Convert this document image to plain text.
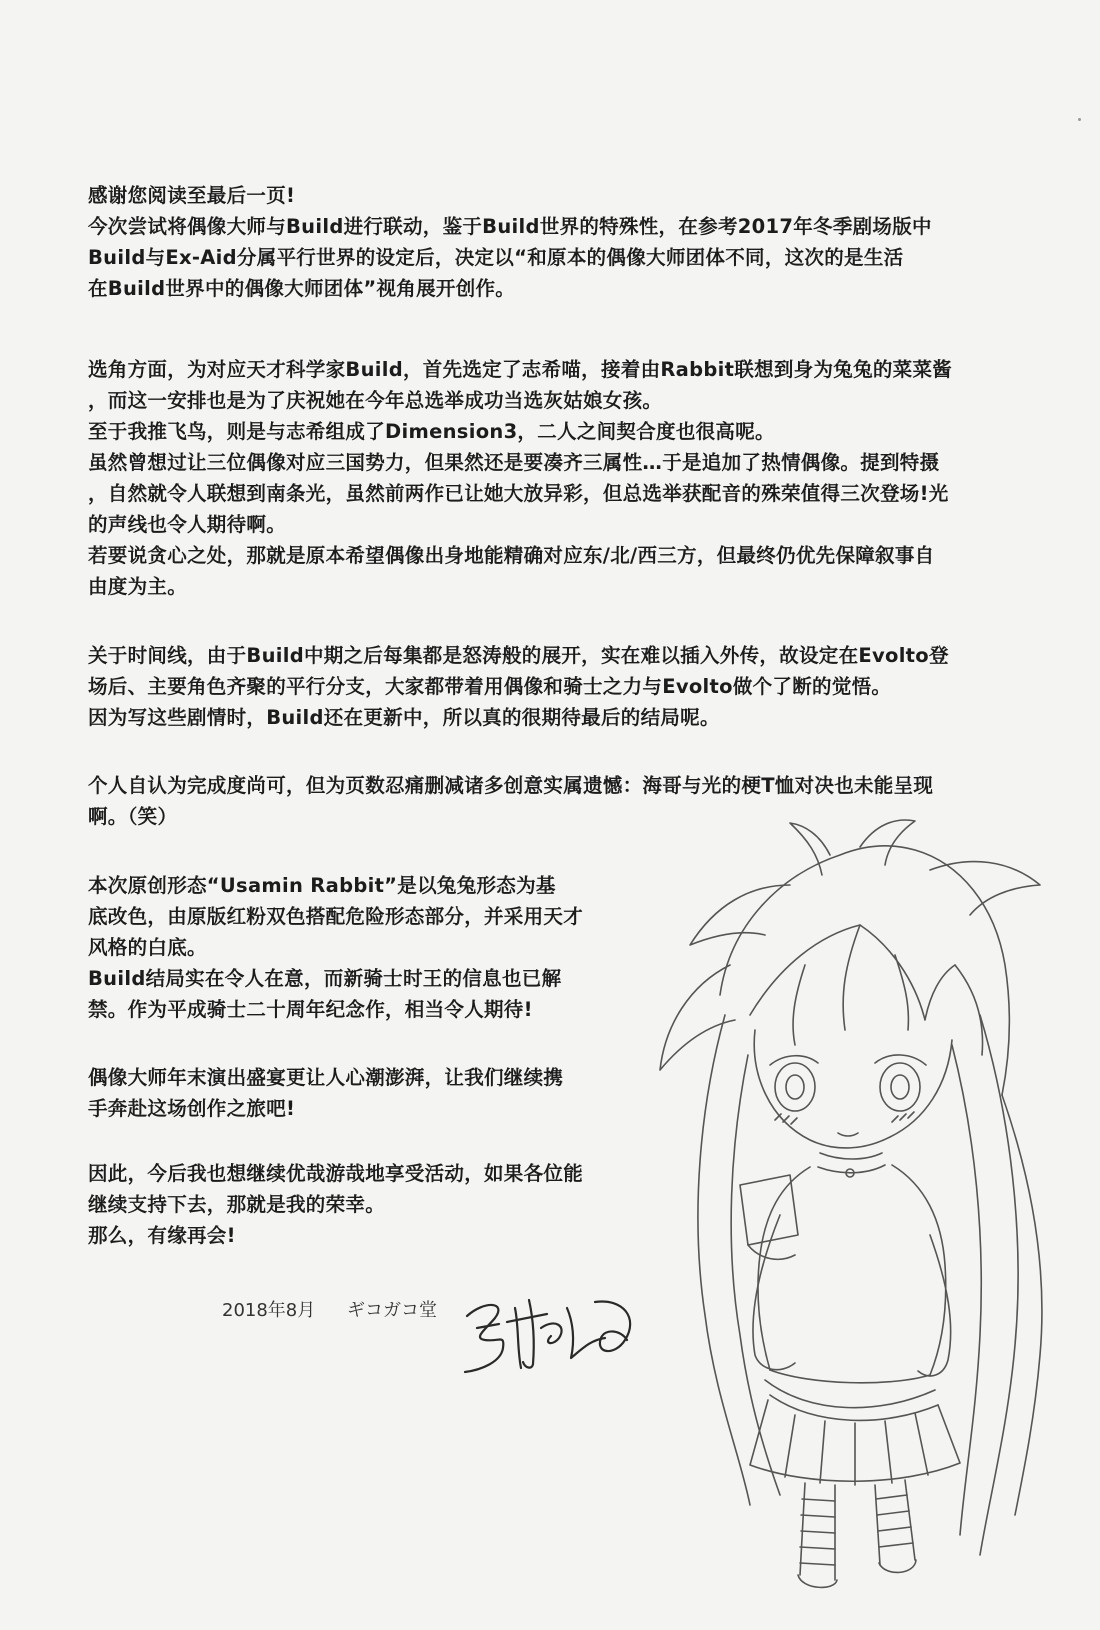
感谢您阅读至最后一页!
今次尝试将偶像大师与Build进行联动，鉴于Build世界的特殊性，在参考2017年冬季剧场版中
Build与Ex-Aid分属平行世界的设定后，决定以“和原本的偶像大师团体不同，这次的是生活
在Build世界中的偶像大师团体”视角展开创作。

选角方面，为对应天才科学家Build，首先选定了志希喵，接着由Rabbit联想到身为兔兔的菜菜酱
，而这一安排也是为了庆祝她在今年总选举成功当选灰姑娘女孩。
至于我推飞鸟，则是与志希组成了Dimension3，二人之间契合度也很高呢。
虽然曾想过让三位偶像对应三国势力，但果然还是要凑齐三属性…于是追加了热情偶像。提到特摄
，自然就令人联想到南条光，虽然前两作已让她大放异彩，但总选举获配音的殊荣值得三次登场!光
的声线也令人期待啊。
若要说贪心之处，那就是原本希望偶像出身地能精确对应东/北/西三方，但最终仍优先保障叙事自
由度为主。

关于时间线，由于Build中期之后每集都是怒涛般的展开，实在难以插入外传，故设定在Evolto登
场后、主要角色齐聚的平行分支，大家都带着用偶像和骑士之力与Evolto做个了断的觉悟。
因为写这些剧情时，Build还在更新中，所以真的很期待最后的结局呢。

个人自认为完成度尚可，但为页数忍痛删减诸多创意实属遗憾：海哥与光的梗T恤对决也未能呈现
啊。（笑）

本次原创形态“Usamin Rabbit”是以兔兔形态为基
底改色，由原版红粉双色搭配危险形态部分，并采用天才
风格的白底。
Build结局实在令人在意，而新骑士时王的信息也已解
禁。作为平成骑士二十周年纪念作，相当令人期待!

偶像大师年末演出盛宴更让人心潮澎湃，让我们继续携
手奔赴这场创作之旅吧!

因此，今后我也想继续优哉游哉地享受活动，如果各位能
继续支持下去，那就是我的荣幸。
那么，有缘再会!

2018年8月 ギコガコ堂
